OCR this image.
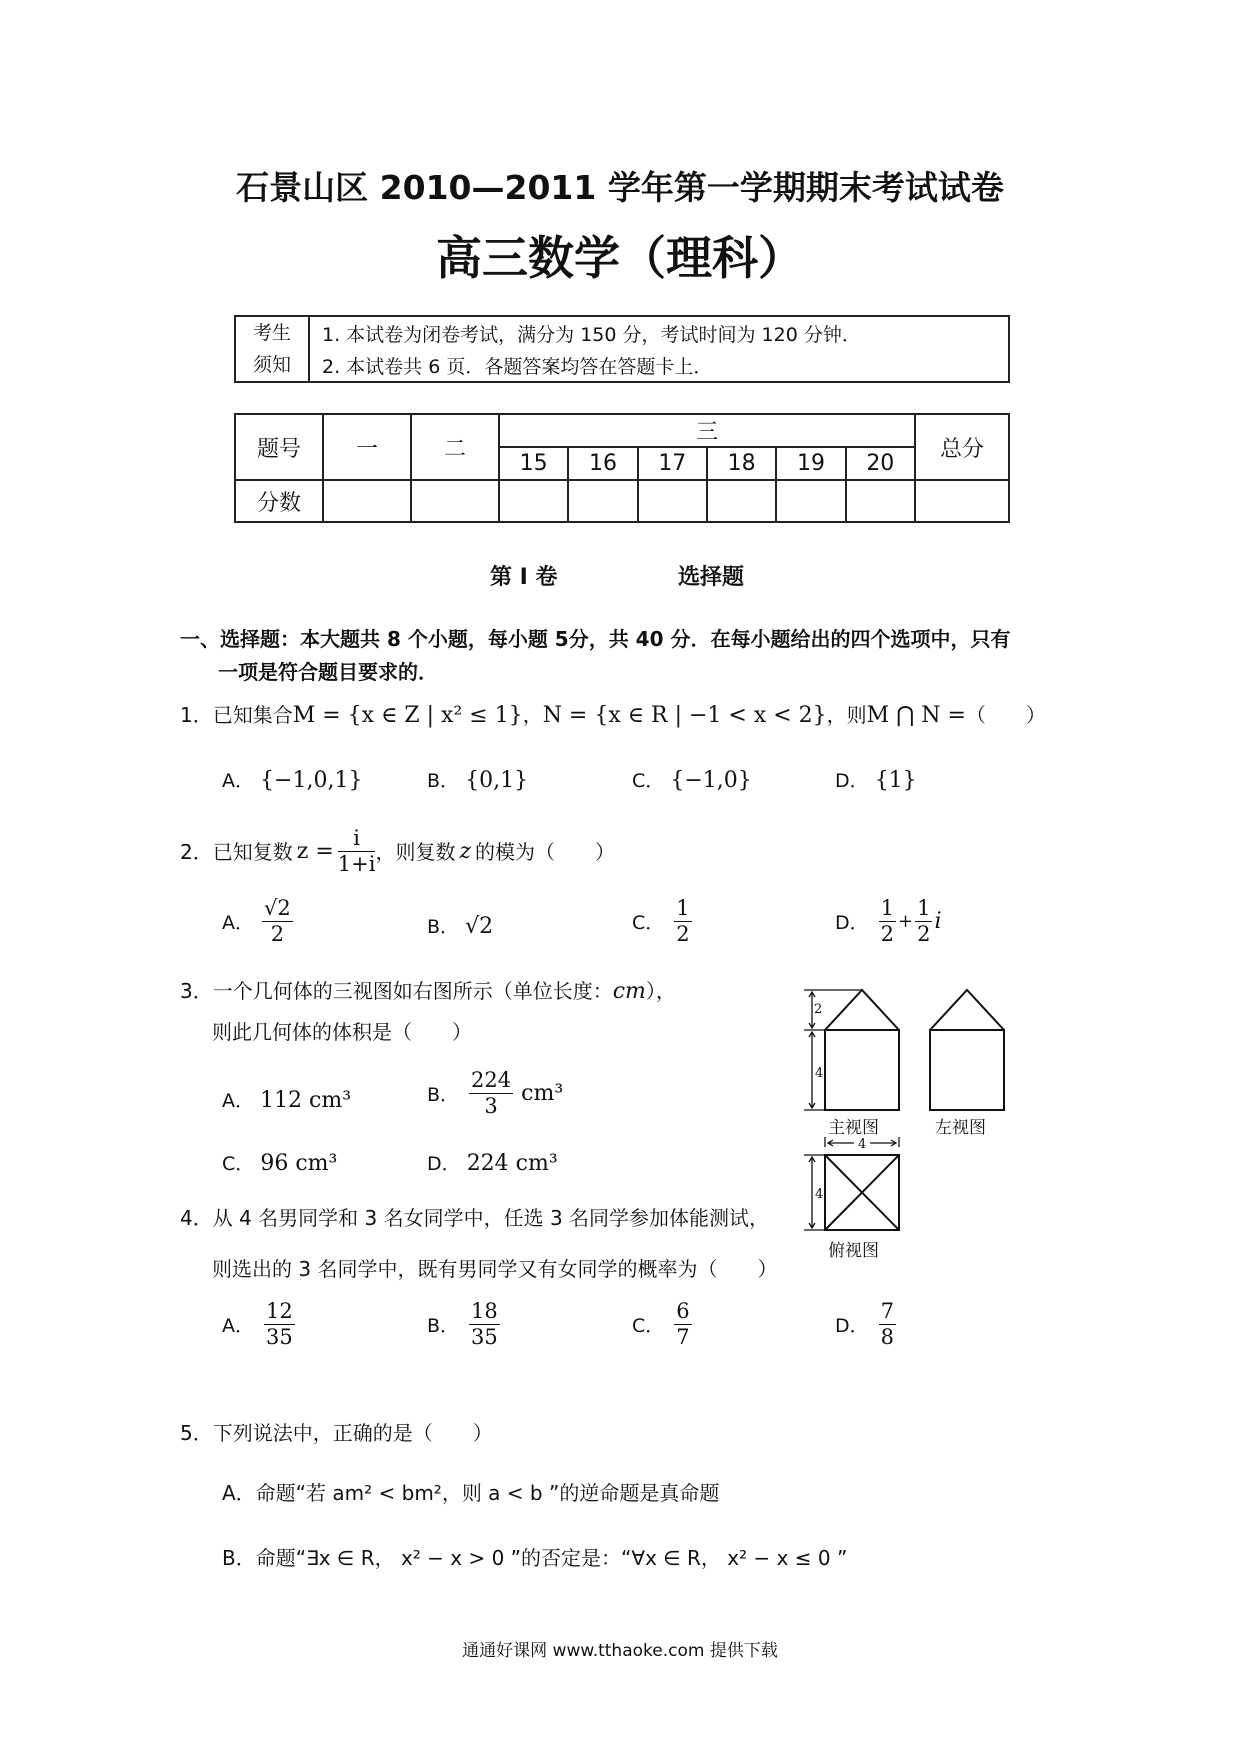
石景山区 2010—2011 学年第一学期期末考试试卷
高三数学（理科）
考生
须知	1. 本试卷为闭卷考试，满分为 150 分，考试时间为 120 分钟．
2. 本试卷共 6 页．各题答案均答在答题卡上．
题号	一	二	三						总分
			15	16	17	18	19	20	
分数									
第 I 卷	选择题
一、选择题：本大题共 8 个小题，每小题 5分，共 40 分．在每小题给出的四个选项中，只有
一项是符合题目要求的．
1．已知集合M = {x ∈ Z | x² ≤ 1}，N = {x ∈ R | −1 < x < 2}，则M ⋂ N =（　　）
A． {−1,0,1}	B． {0,1}	C． {−1,0}	D． {1}
2．已知复数 $z = \frac{i}{1+i}$ ，则复数 z 的模为（　　）
A． $\frac{√2}{2}$	B． √2	C． $\frac{1}{2}$	D． $\frac{1}{2} + \frac{1}{2}$ i
3．一个几何体的三视图如右图所示（单位长度：cm），
则此几何体的体积是（　　）
A． 112 cm³	B． $\frac{224}{3} cm^3$
C． 96 cm³	D． 224 cm³
2
4
主视图	左视图
4
4
俯视图
4．从 4 名男同学和 3 名女同学中，任选 3 名同学参加体能测试，
则选出的 3 名同学中，既有男同学又有女同学的概率为（　　）
A． $\frac{12}{35}$	B． $\frac{18}{35}$	C． $\frac{6}{7}$	D． $\frac{7}{8}$
5．下列说法中，正确的是（　　）
A．命题“若 am² < bm²，则 a < b ”的逆命题是真命题
B．命题“∃x ∈ R， x² − x > 0 ”的否定是：“∀x ∈ R， x² − x ≤ 0 ”
通通好课网 www.tthaoke.com 提供下载
